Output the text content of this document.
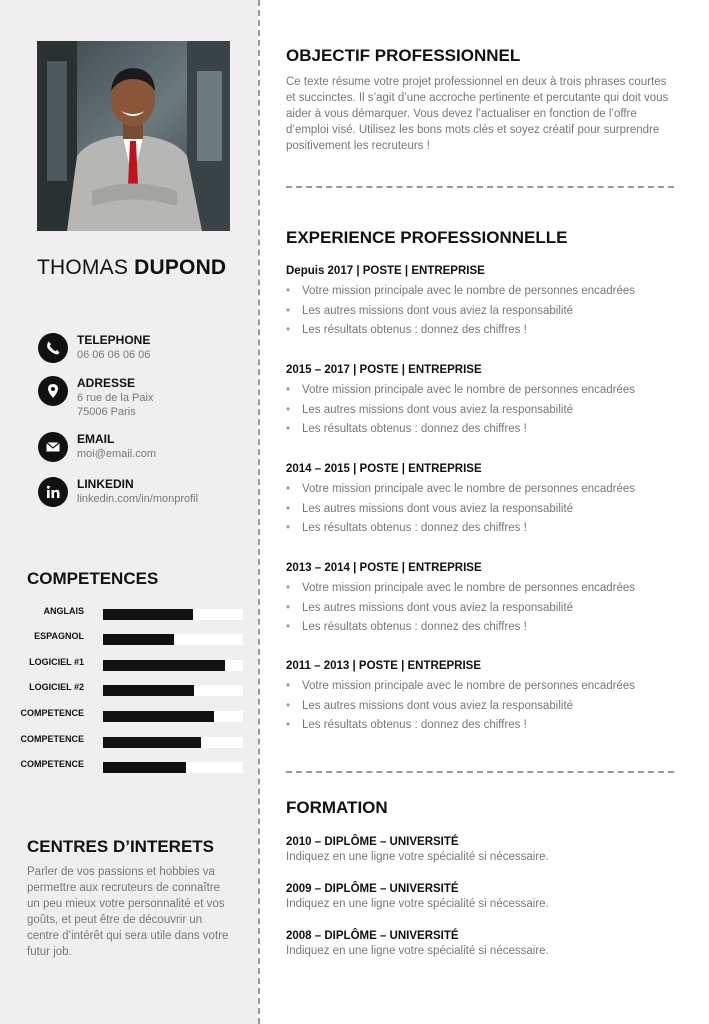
THOMAS DUPOND
TELEPHONE
06 06 06 06 06
ADRESSE
6 rue de la Paix
75006 Paris
EMAIL
moi@email.com
LINKEDIN
linkedin.com/in/monprofil
COMPETENCES
ANGLAIS
ESPAGNOL
LOGICIEL #1
LOGICIEL #2
COMPETENCE
COMPETENCE
COMPETENCE
CENTRES D’INTERETS
Parler de vos passions et hobbies va permettre aux recruteurs de connaître un peu mieux votre personnalité et vos goûts, et peut être de découvrir un centre d’intérêt qui sera utile dans votre futur job.
OBJECTIF PROFESSIONNEL
Ce texte résume votre projet professionnel en deux à trois phrases courtes et succinctes. Il s’agit d’une accroche pertinente et percutante qui doit vous aider à vous démarquer. Vous devez l’actualiser en fonction de l’offre d’emploi visé. Utilisez les bons mots clés et soyez créatif pour surprendre positivement les recruteurs !
EXPERIENCE PROFESSIONNELLE
Depuis 2017 | POSTE | ENTREPRISE
• Votre mission principale avec le nombre de personnes encadrées
• Les autres missions dont vous aviez la responsabilité
• Les résultats obtenus : donnez des chiffres !
2015 – 2017 | POSTE | ENTREPRISE
• Votre mission principale avec le nombre de personnes encadrées
• Les autres missions dont vous aviez la responsabilité
• Les résultats obtenus : donnez des chiffres !
2014 – 2015 | POSTE | ENTREPRISE
• Votre mission principale avec le nombre de personnes encadrées
• Les autres missions dont vous aviez la responsabilité
• Les résultats obtenus : donnez des chiffres !
2013 – 2014 | POSTE | ENTREPRISE
• Votre mission principale avec le nombre de personnes encadrées
• Les autres missions dont vous aviez la responsabilité
• Les résultats obtenus : donnez des chiffres !
2011 – 2013 | POSTE | ENTREPRISE
• Votre mission principale avec le nombre de personnes encadrées
• Les autres missions dont vous aviez la responsabilité
• Les résultats obtenus : donnez des chiffres !
FORMATION
2010 – DIPLÔME – UNIVERSITÉ
Indiquez en une ligne votre spécialité si nécessaire.
2009 – DIPLÔME – UNIVERSITÉ
Indiquez en une ligne votre spécialité si nécessaire.
2008 – DIPLÔME – UNIVERSITÉ
Indiquez en une ligne votre spécialité si nécessaire.
